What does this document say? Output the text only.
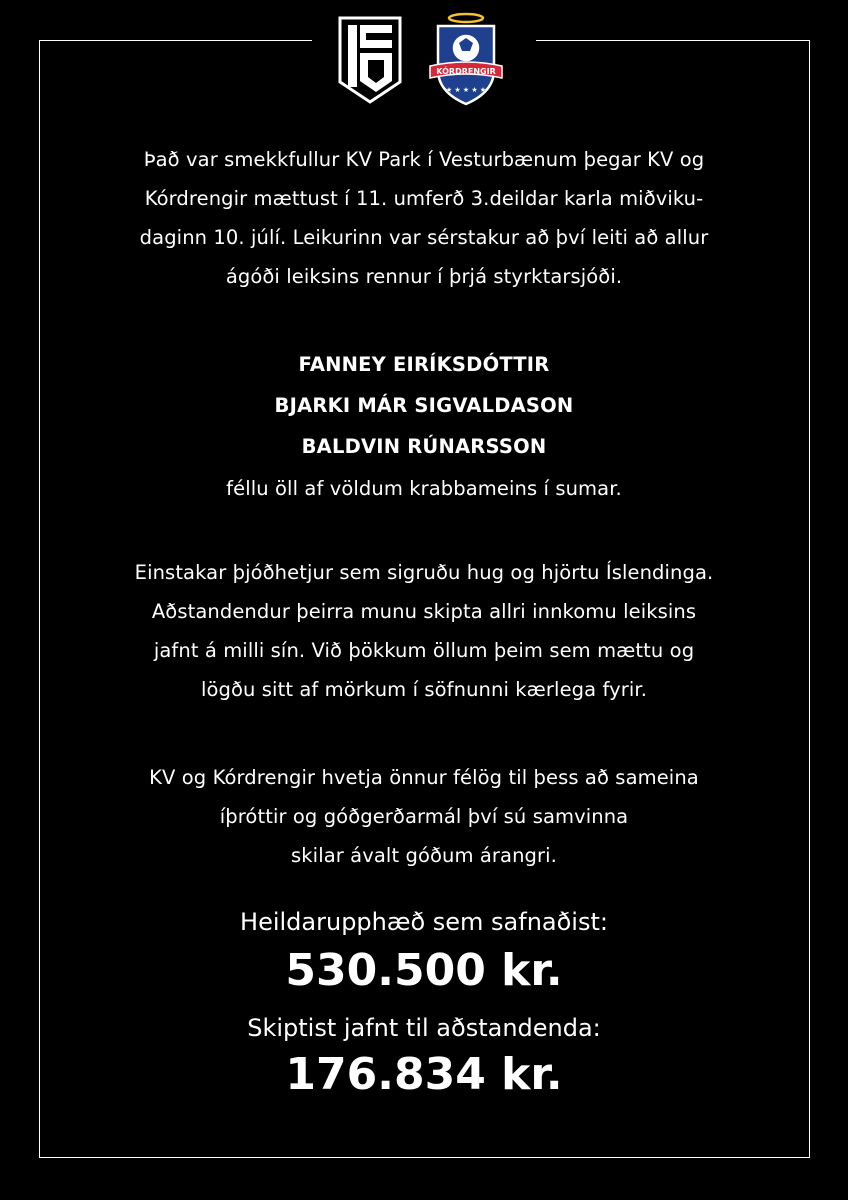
KÓRDRENGIR
★ ★ ★ ★ ★

Það var smekkfullur KV Park í Vesturbænum þegar KV og

Kórdrengir mættust í 11. umferð 3.deildar karla miðviku-

daginn 10. júlí. Leikurinn var sérstakur að því leiti að allur

ágóði leiksins rennur í þrjá styrktarsjóði.

FANNEY EIRÍKSDÓTTIR

BJARKI MÁR SIGVALDASON

BALDVIN RÚNARSSON

féllu öll af völdum krabbameins í sumar.

Einstakar þjóðhetjur sem sigruðu hug og hjörtu Íslendinga.

Aðstandendur þeirra munu skipta allri innkomu leiksins

jafnt á milli sín. Við þökkum öllum þeim sem mættu og

lögðu sitt af mörkum í söfnunni kærlega fyrir.

KV og Kórdrengir hvetja önnur félög til þess að sameina

íþróttir og góðgerðarmál því sú samvinna

skilar ávalt góðum árangri.

Heildarupphæð sem safnaðist:

530.500 kr.

Skiptist jafnt til aðstandenda:

176.834 kr.
